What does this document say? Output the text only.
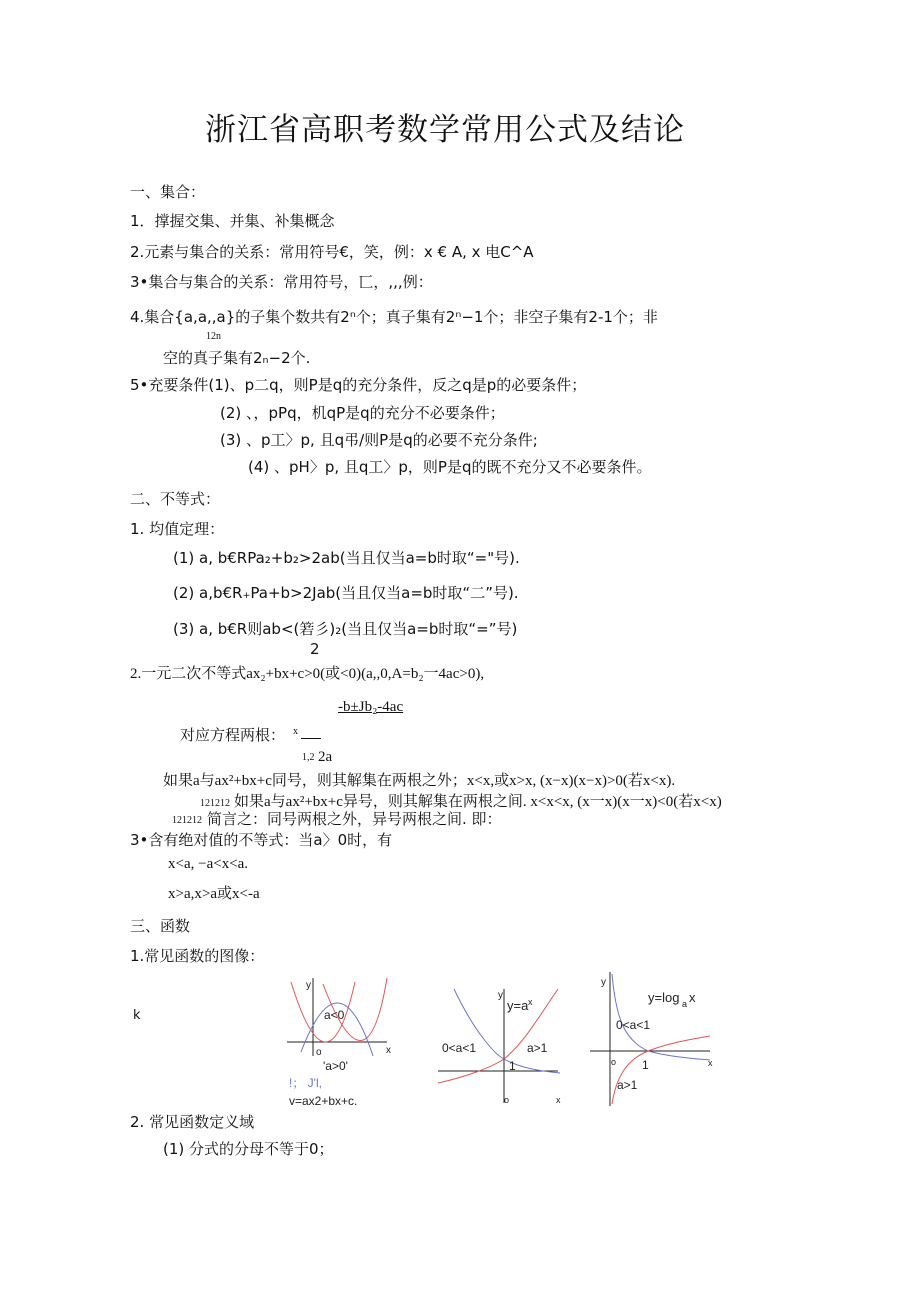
浙江省高职考数学常用公式及结论
一、集合：
1．撑握交集、并集、补集概念
2.元素与集合的关系：常用符号€，笑，例：x € A, x 电C^A
3•集合与集合的关系：常用符号，匸，,,,例：
4.集合{a,a,,a}的子集个数共有2ⁿ个；真子集有2ⁿ−1个；非空子集有2-1个；非
12n
空的真子集有2ₙ−2个.
5•充要条件(1)、p二q，则P是q的充分条件，反之q是p的必要条件；
(2) 、，pPq，机qP是q的充分不必要条件；
(3) 、p工〉p, 且q弔/则P是q的必要不充分条件;
(4) 、pH〉p, 且q工〉p，则P是q的既不充分又不必要条件。
二、不等式：
1. 均值定理：
(1) a, b€RPa₂+b₂>2ab(当且仅当a=b时取“="号).
(2) a,b€R₊Pa+b>2Jab(当且仅当a=b时取“二”号).
(3) a, b€R则ab<(箬彡)₂(当且仅当a=b时取“=”号)
2
2.一元二次不等式ax₂+bx+c>0(或<0)(a,,0,A=b₂一4ac>0),
-b±Jb₂-4ac
对应方程两根： x
1,2 2a
如果a与ax²+bx+c同号，则其解集在两根之外；x<x,或x>x, (x−x)(x−x)>0(若x<x).
121212 如果a与ax²+bx+c异号，则其解集在两根之间. x<x<x, (x一x)(x一x)<0(若x<x)
121212 简言之：同号两根之外，异号两根之间. 即：
3•含有绝对值的不等式：当a〉0时，有
x<a, −a<x<a.
x>a,x>a或x<-a
三、函数
1.常见函数的图像：
k
y
a<0
o	x
'a>0'
!； J'l,
v=ax2+bx+c.
y
y=a x
0<a<1	a>1
1
o	x
y
y=log a x
0<a<1
o 1	x
a>1
2. 常见函数定义域
(1) 分式的分母不等于0；
